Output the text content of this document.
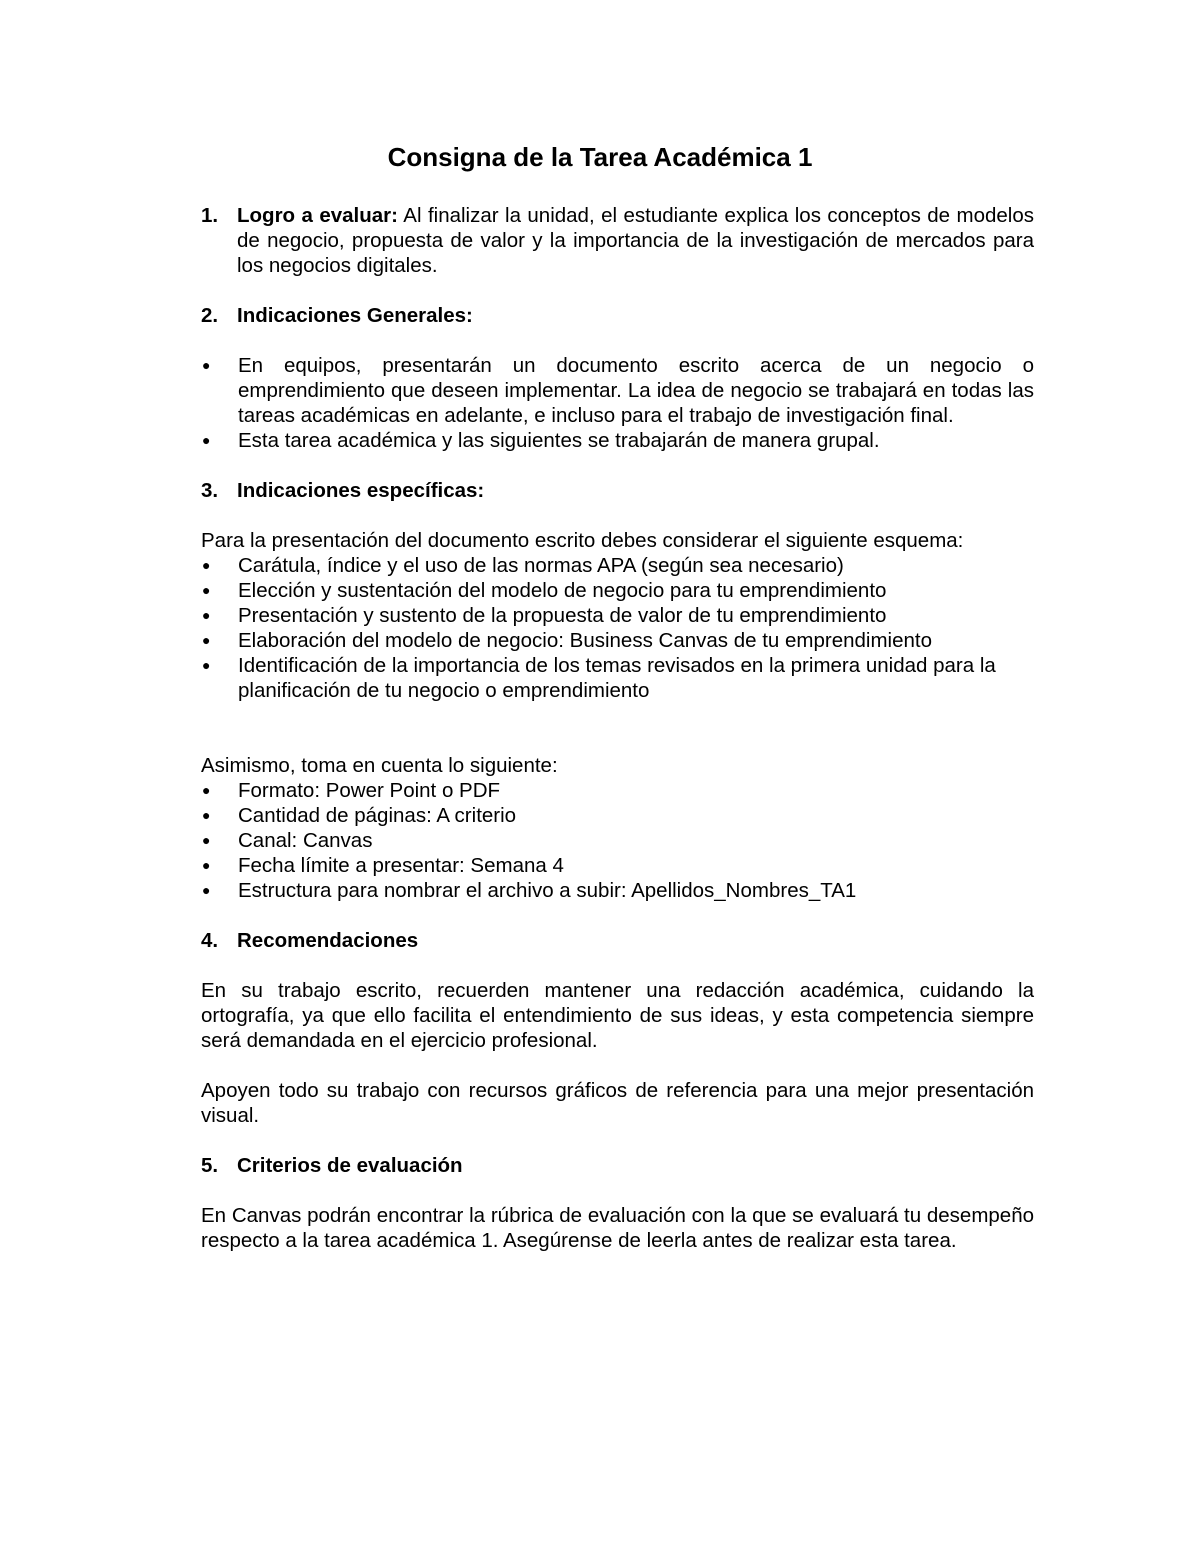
Consigna de la Tarea Académica 1
1. Logro a evaluar: Al finalizar la unidad, el estudiante explica los conceptos de modelos de negocio, propuesta de valor y la importancia de la investigación de mercados para los negocios digitales.
2. Indicaciones Generales:
●	En equipos, presentarán un documento escrito acerca de un negocio o emprendimiento que deseen implementar. La idea de negocio se trabajará en todas las tareas académicas en adelante, e incluso para el trabajo de investigación final.
●	Esta tarea académica y las siguientes se trabajarán de manera grupal.
3. Indicaciones específicas:

Para la presentación del documento escrito debes considerar el siguiente esquema:

●	Carátula, índice y el uso de las normas APA (según sea necesario)
●	Elección y sustentación del modelo de negocio para tu emprendimiento
●	Presentación y sustento de la propuesta de valor de tu emprendimiento
●	Elaboración del modelo de negocio: Business Canvas de tu emprendimiento
●	Identificación de la importancia de los temas revisados en la primera unidad para la planificación de tu negocio o emprendimiento

Asimismo, toma en cuenta lo siguiente:

●	Formato: Power Point o PDF
●	Cantidad de páginas: A criterio
●	Canal: Canvas
●	Fecha límite a presentar: Semana 4
●	Estructura para nombrar el archivo a subir: Apellidos_Nombres_TA1
4. Recomendaciones

En su trabajo escrito, recuerden mantener una redacción académica, cuidando la ortografía, ya que ello facilita el entendimiento de sus ideas, y esta competencia siempre será demandada en el ejercicio profesional.

Apoyen todo su trabajo con recursos gráficos de referencia para una mejor presentación visual.

5. Criterios de evaluación

En Canvas podrán encontrar la rúbrica de evaluación con la que se evaluará tu desempeño respecto a la tarea académica 1. Asegúrense de leerla antes de realizar esta tarea.
